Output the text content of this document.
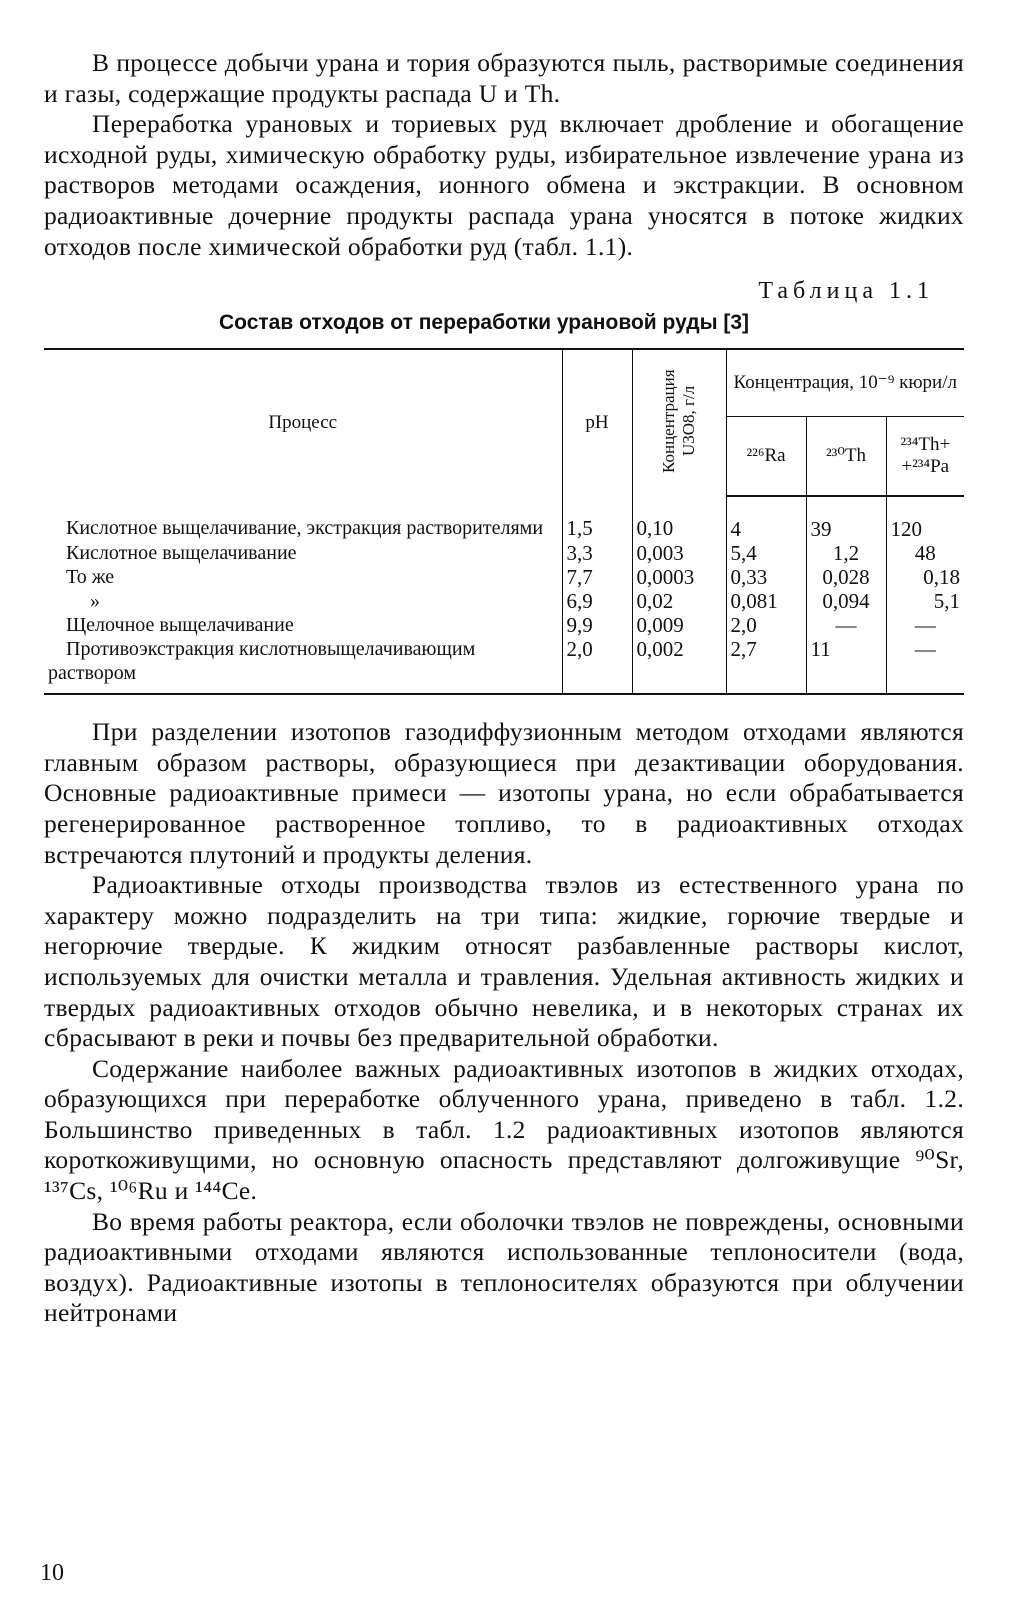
В процессе добычи урана и тория образуются пыль, растворимые соединения и газы, содержащие продукты распада U и Th.

Переработка урановых и ториевых руд включает дробление и обогащение исходной руды, химическую обработку руды, избирательное извлечение урана из растворов методами осаждения, ионного обмена и экстракции. В основном радиоактивные дочерние продукты распада урана уносятся в потоке жидких отходов после химической обработки руд (табл. 1.1).

Таблица 1.1
Состав отходов от переработки урановой руды [3]
Процесс	pH	Концентрация U3O8, г/л	Концентрация, 10⁻⁹ кюри/л		
			²²⁶Ra	²³⁰Th	²³⁴Th+ +²³⁴Pa
Кислотное выщелачивание, экстракция растворителями	1,5	0,10	4	39	120
Кислотное выщелачивание	3,3	0,003	5,4	1,2	48
То же	7,7	0,0003	0,33	0,028	0,18
»	6,9	0,02	0,081	0,094	5,1
Щелочное выщелачивание	9,9	0,009	2,0	—	—
Противоэкстракция кислотновыщелачивающим раствором	2,0	0,002	2,7	11	—

При разделении изотопов газодиффузионным методом отходами являются главным образом растворы, образующиеся при дезактивации оборудования. Основные радиоактивные примеси — изотопы урана, но если обрабатывается регенерированное растворенное топливо, то в радиоактивных отходах встречаются плутоний и продукты деления.

Радиоактивные отходы производства твэлов из естественного урана по характеру можно подразделить на три типа: жидкие, горючие твердые и негорючие твердые. К жидким относят разбавленные растворы кислот, используемых для очистки металла и травления. Удельная активность жидких и твердых радиоактивных отходов обычно невелика, и в некоторых странах их сбрасывают в реки и почвы без предварительной обработки.

Содержание наиболее важных радиоактивных изотопов в жидких отходах, образующихся при переработке облученного урана, приведено в табл. 1.2. Большинство приведенных в табл. 1.2 радиоактивных изотопов являются короткоживущими, но основную опасность представляют долгоживущие ⁹⁰Sr, ¹³⁷Cs, ¹⁰⁶Ru и ¹⁴⁴Ce.

Во время работы реактора, если оболочки твэлов не повреждены, основными радиоактивными отходами являются использованные теплоносители (вода, воздух). Радиоактивные изотопы в теплоносителях образуются при облучении нейтронами

10
